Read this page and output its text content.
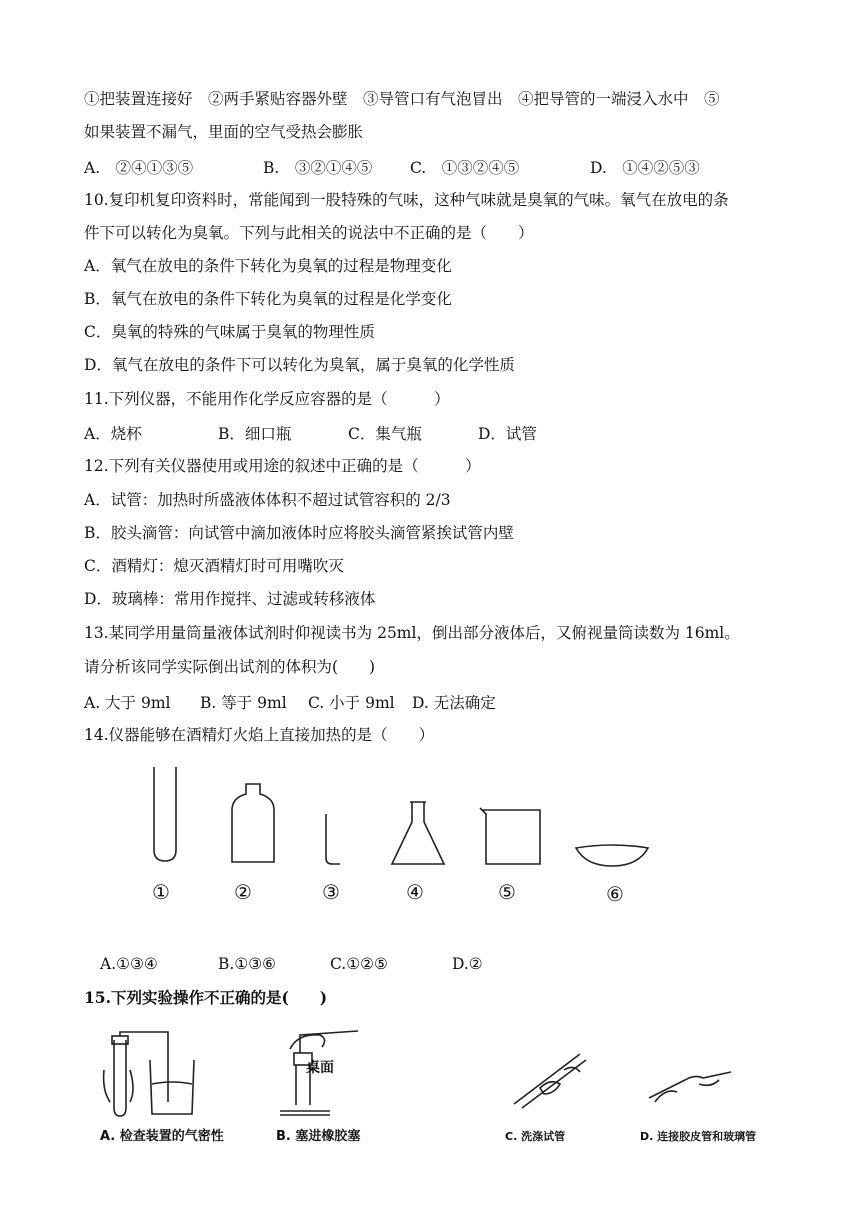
①把装置连接好　②两手紧贴容器外壁　③导管口有气泡冒出　④把导管的一端浸入水中　⑤
如果装置不漏气，里面的空气受热会膨胀
A.　②④①③⑤	B.　③②①④⑤ C.　①③②④⑤	D.　①④②⑤③
10.复印机复印资料时，常能闻到一股特殊的气味，这种气味就是臭氧的气味。氧气在放电的条
件下可以转化为臭氧。下列与此相关的说法中不正确的是（　　）
A．氧气在放电的条件下转化为臭氧的过程是物理变化
B．氧气在放电的条件下转化为臭氧的过程是化学变化
C．臭氧的特殊的气味属于臭氧的物理性质
D．氧气在放电的条件下可以转化为臭氧，属于臭氧的化学性质
11.下列仪器，不能用作化学反应容器的是（　　　）
A．烧杯	B．细口瓶	C．集气瓶	D．试管
12.下列有关仪器使用或用途的叙述中正确的是（　　　）
A．试管：加热时所盛液体体积不超过试管容积的 2/3
B．胶头滴管：向试管中滴加液体时应将胶头滴管紧挨试管内壁
C．酒精灯：熄灭酒精灯时可用嘴吹灭
D．玻璃棒：常用作搅拌、过滤或转移液体
13.某同学用量筒量液体试剂时仰视读书为 25ml，倒出部分液体后，又俯视量筒读数为 16ml。
请分析该同学实际倒出试剂的体积为(　　)
A. 大于 9ml B. 等于 9ml C. 小于 9ml D. 无法确定
14.仪器能够在酒精灯火焰上直接加热的是（　　）
①	②	③	④	⑤	⑥
A.①③④	B.①③⑥	C.①②⑤	D.②
15.下列实验操作不正确的是(　　)
桌面
A. 检查装置的气密性	B. 塞进橡胶塞	C. 洗涤试管	D. 连接胶皮管和玻璃管
